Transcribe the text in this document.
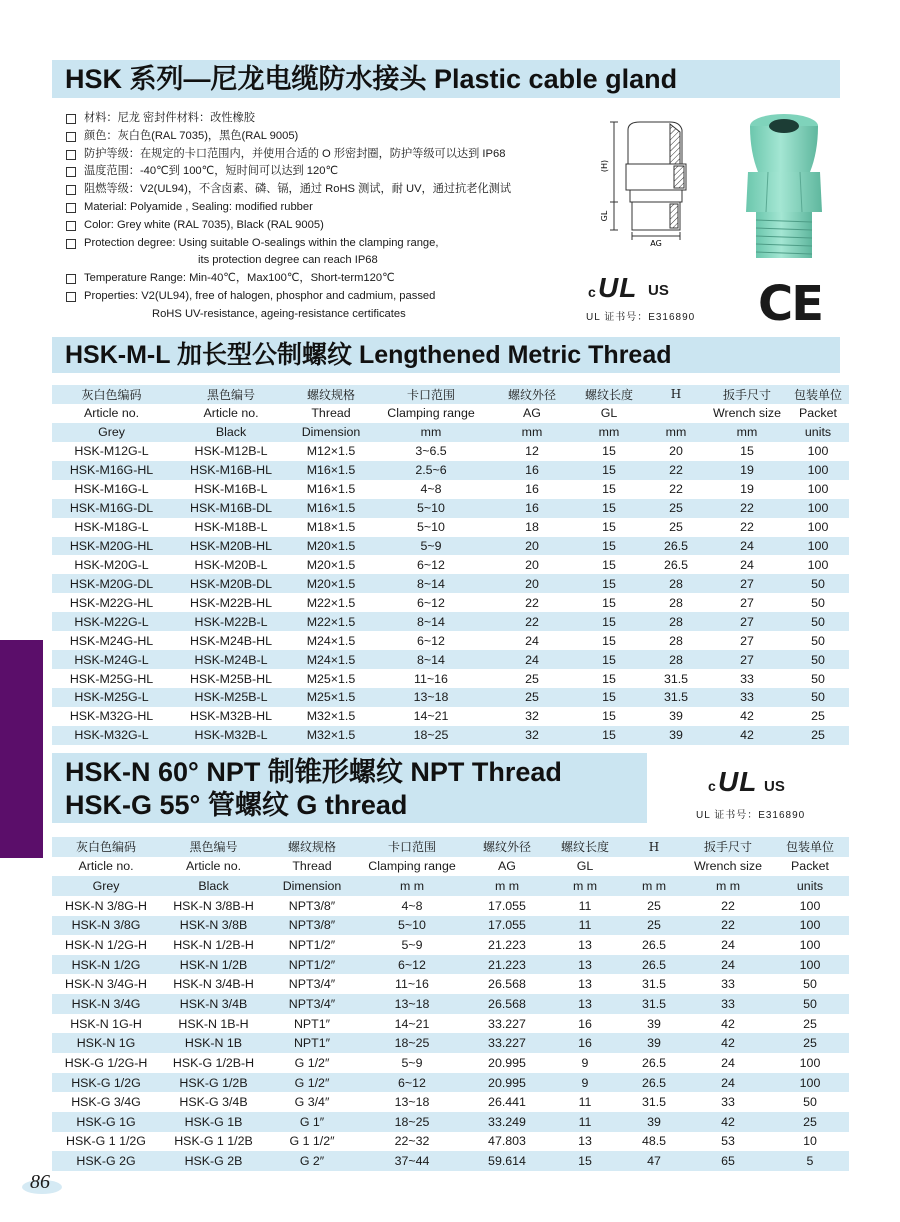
HSK 系列—尼龙电缆防水接头 Plastic cable gland
材料：尼龙 密封件材料：改性橡胶
颜色：灰白色(RAL 7035)，黑色(RAL 9005)
防护等级：在规定的卡口范围内，并使用合适的 O 形密封圈，防护等级可以达到 IP68
温度范围：-40℃到 100℃，短时间可以达到 120℃
阻燃等级：V2(UL94)，不含卤素、磷、镉，通过 RoHS 测试，耐 UV，通过抗老化测试
Material: Polyamide , Sealing: modified rubber
Color: Grey white (RAL 7035), Black (RAL 9005)
Protection degree: Using suitable O-sealings within the clamping range,
its protection degree can reach IP68
Temperature Range: Min-40℃，Max100℃，Short-term120℃
Properties: V2(UL94), free of halogen, phosphor and cadmium, passed
RoHS UV-resistance, ageing-resistance certificates
(H)
GL
AG
c UL US
UL 证书号：E316890 CE
HSK-M-L 加长型公制螺纹 Lengthened Metric Thread
灰白色编码	黑色编号	螺纹规格	卡口范围	螺纹外径	螺纹长度	H	扳手尺寸	包装单位
Article no.	Article no.	Thread	Clamping range	AG	GL		Wrench size	Packet
Grey	Black	Dimension	mm	mm	mm	mm	mm	units
HSK-M12G-L	HSK-M12B-L	M12×1.5	3~6.5	12	15	20	15	100
HSK-M16G-HL	HSK-M16B-HL	M16×1.5	2.5~6	16	15	22	19	100
HSK-M16G-L	HSK-M16B-L	M16×1.5	4~8	16	15	22	19	100
HSK-M16G-DL	HSK-M16B-DL	M16×1.5	5~10	16	15	25	22	100
HSK-M18G-L	HSK-M18B-L	M18×1.5	5~10	18	15	25	22	100
HSK-M20G-HL	HSK-M20B-HL	M20×1.5	5~9	20	15	26.5	24	100
HSK-M20G-L	HSK-M20B-L	M20×1.5	6~12	20	15	26.5	24	100
HSK-M20G-DL	HSK-M20B-DL	M20×1.5	8~14	20	15	28	27	50
HSK-M22G-HL	HSK-M22B-HL	M22×1.5	6~12	22	15	28	27	50
HSK-M22G-L	HSK-M22B-L	M22×1.5	8~14	22	15	28	27	50
HSK-M24G-HL	HSK-M24B-HL	M24×1.5	6~12	24	15	28	27	50
HSK-M24G-L	HSK-M24B-L	M24×1.5	8~14	24	15	28	27	50
HSK-M25G-HL	HSK-M25B-HL	M25×1.5	11~16	25	15	31.5	33	50
HSK-M25G-L	HSK-M25B-L	M25×1.5	13~18	25	15	31.5	33	50
HSK-M32G-HL	HSK-M32B-HL	M32×1.5	14~21	32	15	39	42	25
HSK-M32G-L	HSK-M32B-L	M32×1.5	18~25	32	15	39	42	25
HSK-N 60° NPT 制锥形螺纹 NPT Thread
HSK-G 55° 管螺纹 G thread
c UL US
UL 证书号：E316890
灰白色编码	黑色编号	螺纹规格	卡口范围	螺纹外径	螺纹长度	H	扳手尺寸	包装单位
Article no.	Article no.	Thread	Clamping range	AG	GL		Wrench size	Packet
Grey	Black	Dimension	m m	m m	m m	m m	m m	units
HSK-N 3/8G-H	HSK-N 3/8B-H	NPT3/8″	4~8	17.055	11	25	22	100
HSK-N 3/8G	HSK-N 3/8B	NPT3/8″	5~10	17.055	11	25	22	100
HSK-N 1/2G-H	HSK-N 1/2B-H	NPT1/2″	5~9	21.223	13	26.5	24	100
HSK-N 1/2G	HSK-N 1/2B	NPT1/2″	6~12	21.223	13	26.5	24	100
HSK-N 3/4G-H	HSK-N 3/4B-H	NPT3/4″	11~16	26.568	13	31.5	33	50
HSK-N 3/4G	HSK-N 3/4B	NPT3/4″	13~18	26.568	13	31.5	33	50
HSK-N 1G-H	HSK-N 1B-H	NPT1″	14~21	33.227	16	39	42	25
HSK-N 1G	HSK-N 1B	NPT1″	18~25	33.227	16	39	42	25
HSK-G 1/2G-H	HSK-G 1/2B-H	G 1/2″	5~9	20.995	9	26.5	24	100
HSK-G 1/2G	HSK-G 1/2B	G 1/2″	6~12	20.995	9	26.5	24	100
HSK-G 3/4G	HSK-G 3/4B	G 3/4″	13~18	26.441	11	31.5	33	50
HSK-G 1G	HSK-G 1B	G 1″	18~25	33.249	11	39	42	25
HSK-G 1 1/2G	HSK-G 1 1/2B	G 1 1/2″	22~32	47.803	13	48.5	53	10
HSK-G 2G	HSK-G 2B	G 2″	37~44	59.614	15	47	65	5
86
